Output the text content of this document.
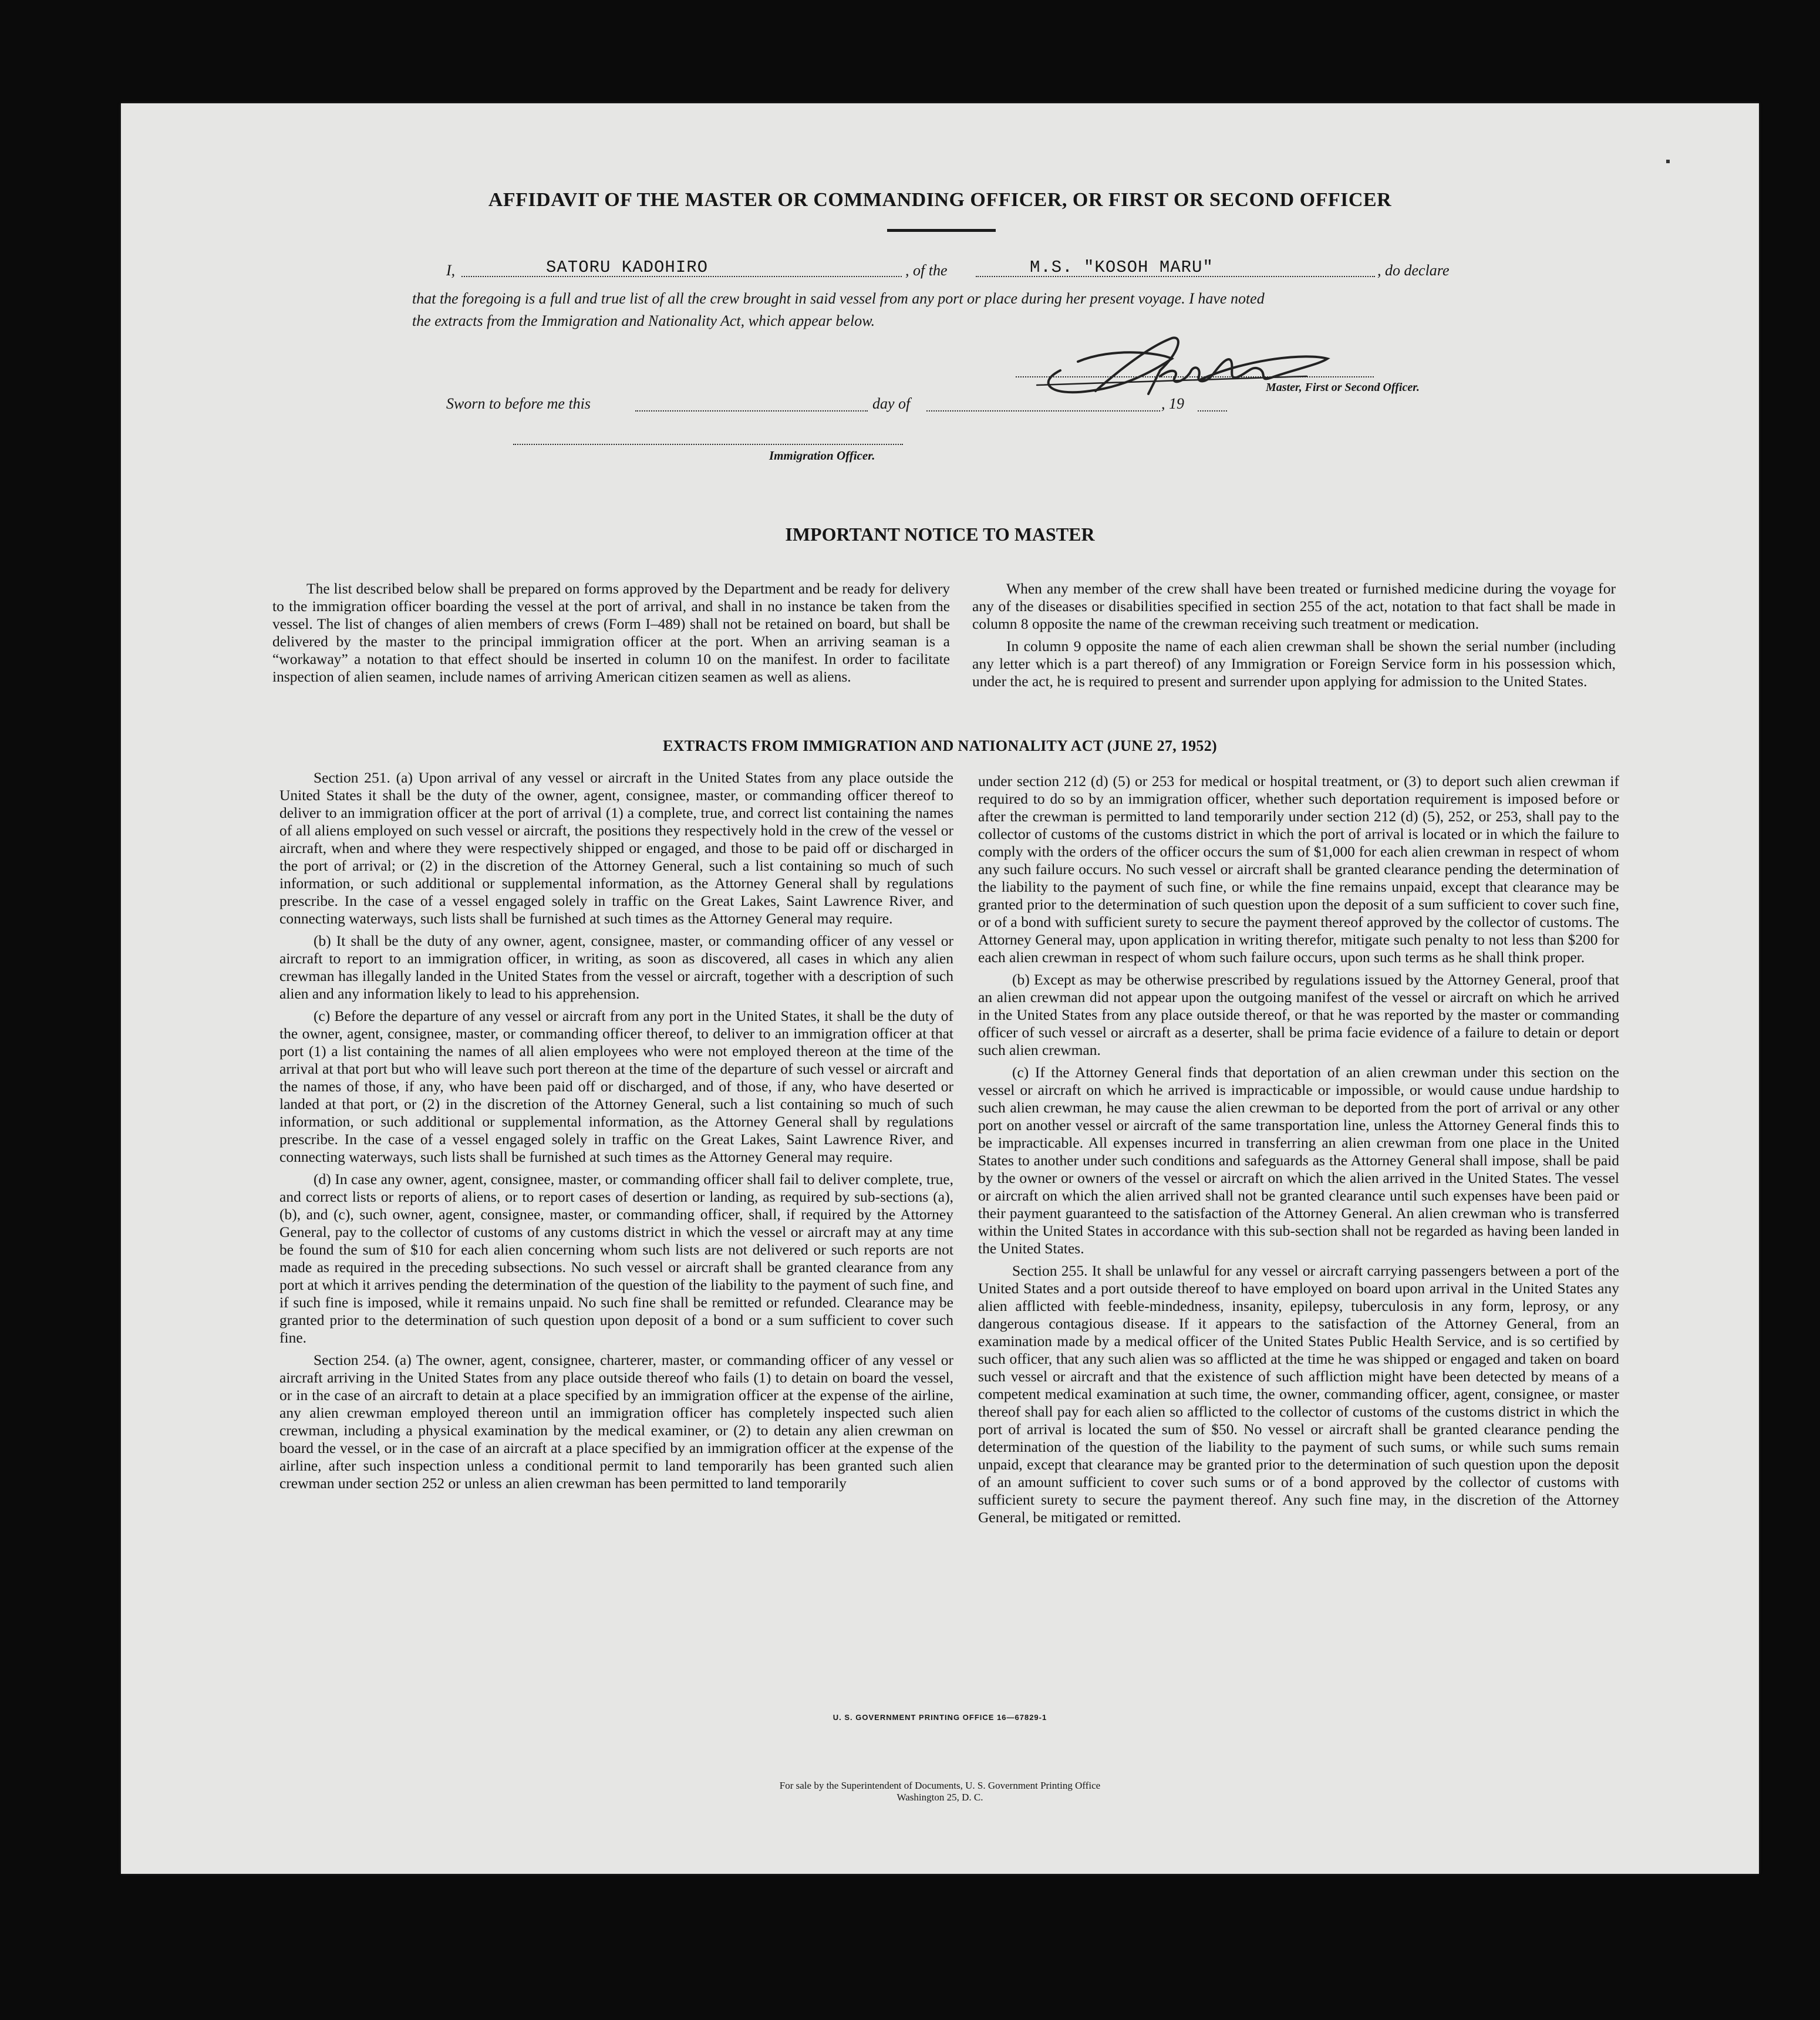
AFFIDAVIT OF THE MASTER OR COMMANDING OFFICER, OR FIRST OR SECOND OFFICER
I,	SATORU KADOHIRO	, of the	M.S. "KOSOH MARU"	, do declare
that the foregoing is a full and true list of all the crew brought in said vessel from any port or place during her present voyage. I have noted
the extracts from the Immigration and Nationality Act, which appear below.
Master, First or Second Officer.
Sworn to before me this	day of	, 19
Immigration Officer.
IMPORTANT NOTICE TO MASTER

The list described below shall be prepared on forms approved by the Department and be ready for delivery to the immigration officer boarding the vessel at the port of arrival, and shall in no instance be taken from the vessel. The list of changes of alien members of crews (Form I–489) shall not be retained on board, but shall be delivered by the master to the principal immigration officer at the port. When an arriving seaman is a “workaway” a notation to that effect should be inserted in column 10 on the manifest. In order to facilitate inspection of alien seamen, include names of arriving American citizen seamen as well as aliens.

When any member of the crew shall have been treated or furnished medicine during the voyage for any of the diseases or disabilities specified in section 255 of the act, notation to that fact shall be made in column 8 opposite the name of the crewman receiving such treatment or medication.

In column 9 opposite the name of each alien crewman shall be shown the serial number (including any letter which is a part thereof) of any Immigration or Foreign Service form in his possession which, under the act, he is required to present and surrender upon applying for admission to the United States.

EXTRACTS FROM IMMIGRATION AND NATIONALITY ACT (JUNE 27, 1952)

Section 251. (a) Upon arrival of any vessel or aircraft in the United States from any place outside the United States it shall be the duty of the owner, agent, consignee, master, or commanding officer thereof to deliver to an immigration officer at the port of arrival (1) a complete, true, and correct list containing the names of all aliens employed on such vessel or aircraft, the positions they respectively hold in the crew of the vessel or aircraft, when and where they were respectively shipped or engaged, and those to be paid off or discharged in the port of arrival; or (2) in the discretion of the Attorney General, such a list containing so much of such information, or such additional or supplemental information, as the Attorney General shall by regulations prescribe. In the case of a vessel engaged solely in traffic on the Great Lakes, Saint Lawrence River, and connecting waterways, such lists shall be furnished at such times as the Attorney General may require.

(b) It shall be the duty of any owner, agent, consignee, master, or commanding officer of any vessel or aircraft to report to an immigration officer, in writing, as soon as discovered, all cases in which any alien crewman has illegally landed in the United States from the vessel or aircraft, together with a description of such alien and any information likely to lead to his apprehension.

(c) Before the departure of any vessel or aircraft from any port in the United States, it shall be the duty of the owner, agent, consignee, master, or commanding officer thereof, to deliver to an immigration officer at that port (1) a list containing the names of all alien employees who were not employed thereon at the time of the arrival at that port but who will leave such port thereon at the time of the departure of such vessel or aircraft and the names of those, if any, who have been paid off or discharged, and of those, if any, who have deserted or landed at that port, or (2) in the discretion of the Attorney General, such a list containing so much of such information, or such additional or supplemental information, as the Attorney General shall by regulations prescribe. In the case of a vessel engaged solely in traffic on the Great Lakes, Saint Lawrence River, and connecting waterways, such lists shall be furnished at such times as the Attorney General may require.

(d) In case any owner, agent, consignee, master, or commanding officer shall fail to deliver complete, true, and correct lists or reports of aliens, or to report cases of desertion or landing, as required by sub-sections (a), (b), and (c), such owner, agent, consignee, master, or commanding officer, shall, if required by the Attorney General, pay to the collector of customs of any customs district in which the vessel or aircraft may at any time be found the sum of $10 for each alien concerning whom such lists are not delivered or such reports are not made as required in the preceding subsections. No such vessel or aircraft shall be granted clearance from any port at which it arrives pending the determination of the question of the liability to the payment of such fine, and if such fine is imposed, while it remains unpaid. No such fine shall be remitted or refunded. Clearance may be granted prior to the determination of such question upon deposit of a bond or a sum sufficient to cover such fine.

Section 254. (a) The owner, agent, consignee, charterer, master, or commanding officer of any vessel or aircraft arriving in the United States from any place outside thereof who fails (1) to detain on board the vessel, or in the case of an aircraft to detain at a place specified by an immigration officer at the expense of the airline, any alien crewman employed thereon until an immigration officer has completely inspected such alien crewman, including a physical examination by the medical examiner, or (2) to detain any alien crewman on board the vessel, or in the case of an aircraft at a place specified by an immigration officer at the expense of the airline, after such inspection unless a conditional permit to land temporarily has been granted such alien crewman under section 252 or unless an alien crewman has been permitted to land temporarily

under section 212 (d) (5) or 253 for medical or hospital treatment, or (3) to deport such alien crewman if required to do so by an immigration officer, whether such deportation requirement is imposed before or after the crewman is permitted to land temporarily under section 212 (d) (5), 252, or 253, shall pay to the collector of customs of the customs district in which the port of arrival is located or in which the failure to comply with the orders of the officer occurs the sum of $1,000 for each alien crewman in respect of whom any such failure occurs. No such vessel or aircraft shall be granted clearance pending the determination of the liability to the payment of such fine, or while the fine remains unpaid, except that clearance may be granted prior to the determination of such question upon the deposit of a sum sufficient to cover such fine, or of a bond with sufficient surety to secure the payment thereof approved by the collector of customs. The Attorney General may, upon application in writing therefor, mitigate such penalty to not less than $200 for each alien crewman in respect of whom such failure occurs, upon such terms as he shall think proper.

(b) Except as may be otherwise prescribed by regulations issued by the Attorney General, proof that an alien crewman did not appear upon the outgoing manifest of the vessel or aircraft on which he arrived in the United States from any place outside thereof, or that he was reported by the master or commanding officer of such vessel or aircraft as a deserter, shall be prima facie evidence of a failure to detain or deport such alien crewman.

(c) If the Attorney General finds that deportation of an alien crewman under this section on the vessel or aircraft on which he arrived is impracticable or impossible, or would cause undue hardship to such alien crewman, he may cause the alien crewman to be deported from the port of arrival or any other port on another vessel or aircraft of the same transportation line, unless the Attorney General finds this to be impracticable. All expenses incurred in transferring an alien crewman from one place in the United States to another under such conditions and safeguards as the Attorney General shall impose, shall be paid by the owner or owners of the vessel or aircraft on which the alien arrived in the United States. The vessel or aircraft on which the alien arrived shall not be granted clearance until such expenses have been paid or their payment guaranteed to the satisfaction of the Attorney General. An alien crewman who is transferred within the United States in accordance with this sub-section shall not be regarded as having been landed in the United States.

Section 255. It shall be unlawful for any vessel or aircraft carrying passengers between a port of the United States and a port outside thereof to have employed on board upon arrival in the United States any alien afflicted with feeble-mindedness, insanity, epilepsy, tuberculosis in any form, leprosy, or any dangerous contagious disease. If it appears to the satisfaction of the Attorney General, from an examination made by a medical officer of the United States Public Health Service, and is so certified by such officer, that any such alien was so afflicted at the time he was shipped or engaged and taken on board such vessel or aircraft and that the existence of such affliction might have been detected by means of a competent medical examination at such time, the owner, commanding officer, agent, consignee, or master thereof shall pay for each alien so afflicted to the collector of customs of the customs district in which the port of arrival is located the sum of $50. No vessel or aircraft shall be granted clearance pending the determination of the question of the liability to the payment of such sums, or while such sums remain unpaid, except that clearance may be granted prior to the determination of such question upon the deposit of an amount sufficient to cover such sums or of a bond approved by the collector of customs with sufficient surety to secure the payment thereof. Any such fine may, in the discretion of the Attorney General, be mitigated or remitted.

U. S. GOVERNMENT PRINTING OFFICE 16—67829-1
For sale by the Superintendent of Documents, U. S. Government Printing Office
Washington 25, D. C.
